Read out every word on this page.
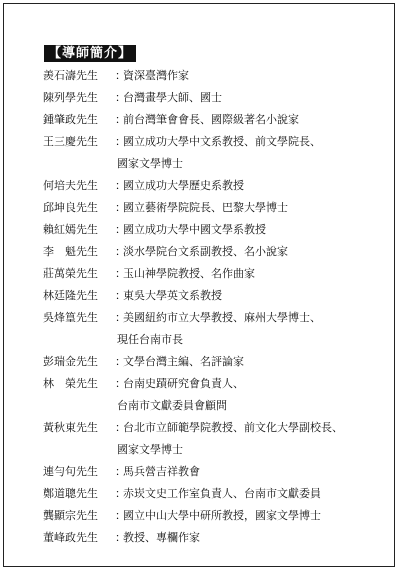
【導師簡介】
羨石濤先生 ：資深臺灣作家
陳列學先生 ：台灣畫學大師、國士
鍾肇政先生 ：前台灣筆會會長、國際級著名小說家
王三慶先生 ：國立成功大學中文系教授、前文學院長、
國家文學博士
何培夫先生 ：國立成功大學歷史系教授
邱坤良先生 ：國立藝術學院院長、巴黎大學博士
賴紅嫣先生 ：國立成功大學中國文學系教授
李　魁先生 ：淡水學院台文系副教授、名小說家
莊萬榮先生 ：玉山神學院教授、名作曲家
林廷隆先生 ：東吳大學英文系教授
吳烽篁先生 ：美國紐約市立大學教授、麻州大學博士、
現任台南市長
彭瑞金先生 ：文學台灣主編、名評論家
林　榮先生 ：台南史蹟研究會負責人、
台南市文獻委員會顧問
黃秋東先生 ：台北市立師範學院教授、前文化大學副校長、
國家文學博士
連勻句先生 ：馬兵營吉祥教會
鄭道聰先生 ：赤崁文史工作室負責人、台南市文獻委員
龔顯宗先生 ：國立中山大學中研所教授，國家文學博士
董峰政先生 ：教授、專欄作家
